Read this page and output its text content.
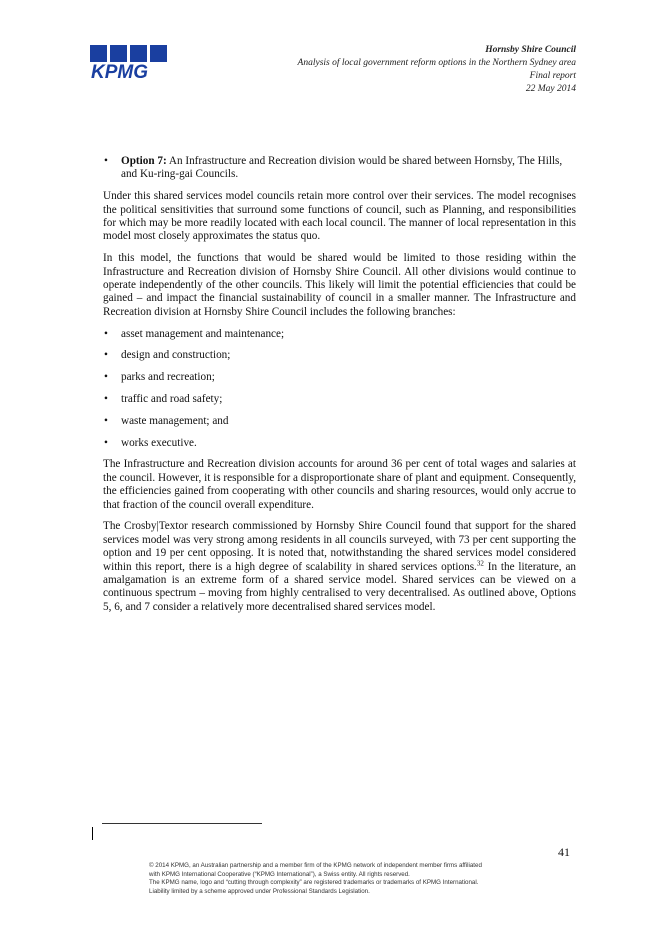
KPMG
Hornsby Shire Council
Analysis of local government reform options in the Northern Sydney area
Final report
22 May 2014
• Option 7: An Infrastructure and Recreation division would be shared between Hornsby, The Hills, and Ku-ring-gai Councils.

Under this shared services model councils retain more control over their services. The model recognises the political sensitivities that surround some functions of council, such as Planning, and responsibilities for which may be more readily located with each local council. The manner of local representation in this model most closely approximates the status quo.

In this model, the functions that would be shared would be limited to those residing within the Infrastructure and Recreation division of Hornsby Shire Council. All other divisions would continue to operate independently of the other councils. This likely will limit the potential efficiencies that could be gained – and impact the financial sustainability of council in a smaller manner. The Infrastructure and Recreation division at Hornsby Shire Council includes the following branches:

• asset management and maintenance;
• design and construction;
• parks and recreation;
• traffic and road safety;
• waste management; and
• works executive.

The Infrastructure and Recreation division accounts for around 36 per cent of total wages and salaries at the council. However, it is responsible for a disproportionate share of plant and equipment. Consequently, the efficiencies gained from cooperating with other councils and sharing resources, would only accrue to that fraction of the council overall expenditure.

The Crosby|Textor research commissioned by Hornsby Shire Council found that support for the shared services model was very strong among residents in all councils surveyed, with 73 per cent supporting the option and 19 per cent opposing. It is noted that, notwithstanding the shared services model considered within this report, there is a high degree of scalability in shared services options.$^{32}$ In the literature, an amalgamation is an extreme form of a shared service model. Shared services can be viewed on a continuous spectrum – moving from highly centralised to very decentralised. As outlined above, Options 5, 6, and 7 consider a relatively more decentralised shared services model.

41
© 2014 KPMG, an Australian partnership and a member firm of the KPMG network of independent member firms affiliated
with KPMG International Cooperative (“KPMG International”), a Swiss entity. All rights reserved.
The KPMG name, logo and “cutting through complexity” are registered trademarks or trademarks of KPMG International.
Liability limited by a scheme approved under Professional Standards Legislation.
